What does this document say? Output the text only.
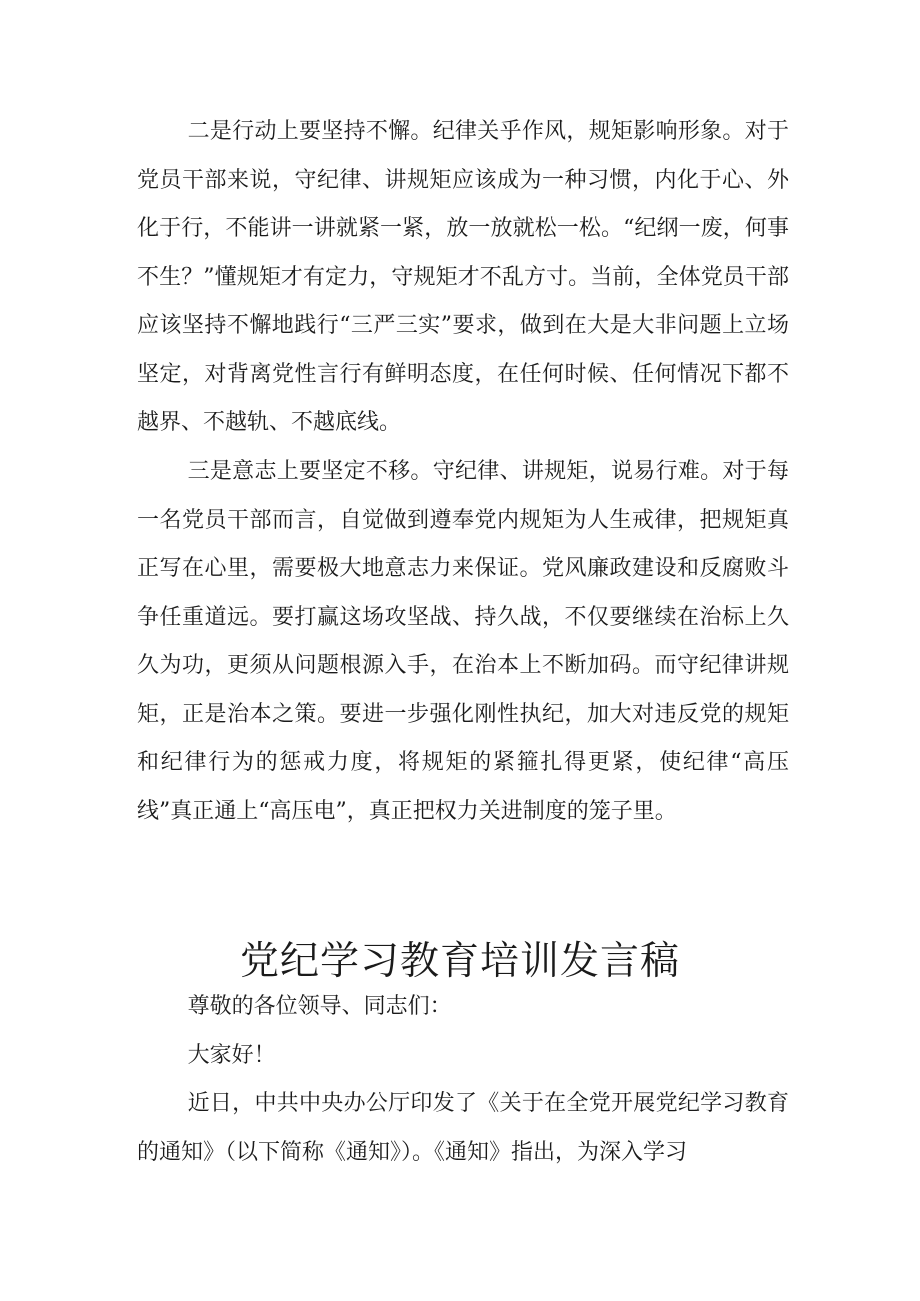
二是行动上要坚持不懈。纪律关乎作风，规矩影响形象。对于党员干部来说，守纪律、讲规矩应该成为一种习惯，内化于心、外化于行，不能讲一讲就紧一紧，放一放就松一松。“纪纲一废，何事不生？”懂规矩才有定力，守规矩才不乱方寸。当前，全体党员干部应该坚持不懈地践行“三严三实”要求，做到在大是大非问题上立场坚定，对背离党性言行有鲜明态度，在任何时候、任何情况下都不越界、不越轨、不越底线。

三是意志上要坚定不移。守纪律、讲规矩，说易行难。对于每一名党员干部而言，自觉做到遵奉党内规矩为人生戒律，把规矩真正写在心里，需要极大地意志力来保证。党风廉政建设和反腐败斗争任重道远。要打赢这场攻坚战、持久战，不仅要继续在治标上久久为功，更须从问题根源入手，在治本上不断加码。而守纪律讲规矩，正是治本之策。要进一步强化刚性执纪，加大对违反党的规矩和纪律行为的惩戒力度，将规矩的紧箍扎得更紧，使纪律“高压线”真正通上“高压电”，真正把权力关进制度的笼子里。

党纪学习教育培训发言稿

尊敬的各位领导、同志们：

大家好！

近日，中共中央办公厅印发了《关于在全党开展党纪学习教育的通知》（以下简称《通知》）。《通知》指出，为深入学习
